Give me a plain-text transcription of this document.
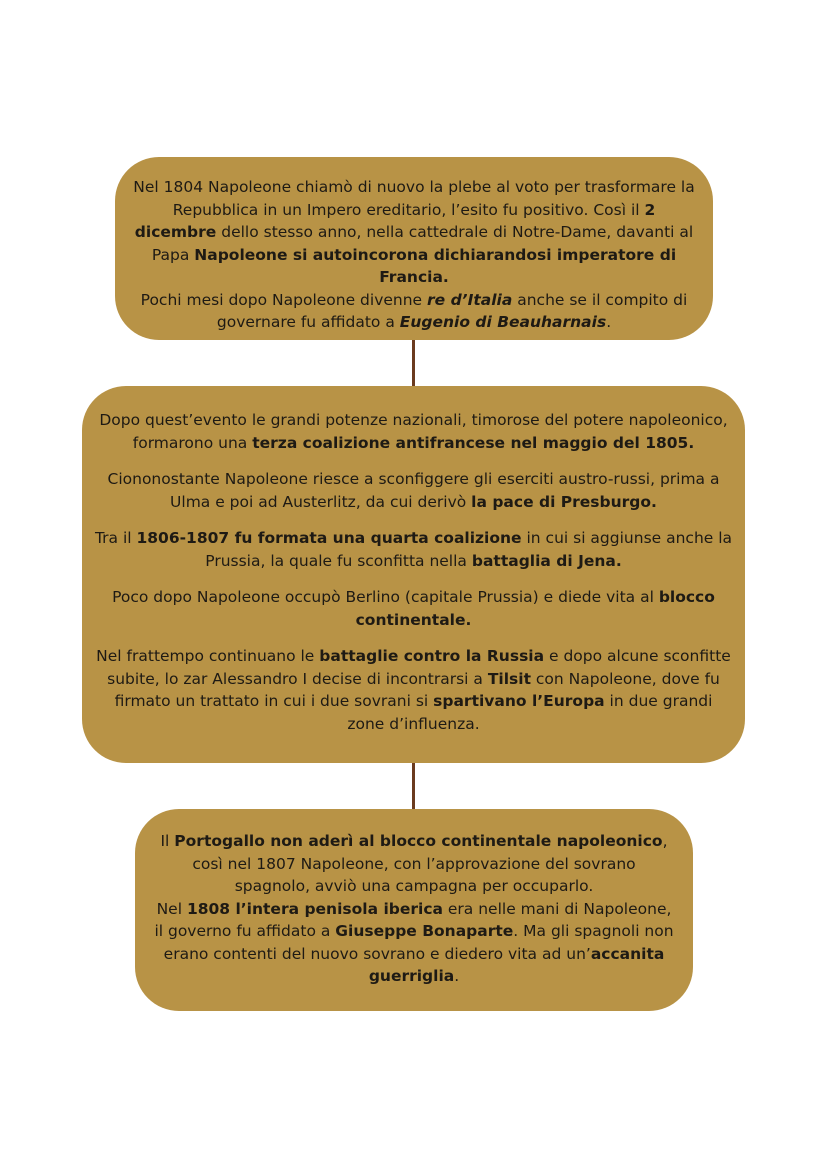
Nel 1804 Napoleone chiamò di nuovo la plebe al voto per trasformare la Repubblica in un Impero ereditario, l’esito fu positivo. Così il 2 dicembre dello stesso anno, nella cattedrale di Notre-Dame, davanti al Papa Napoleone si autoincorona dichiarandosi imperatore di Francia.

Pochi mesi dopo Napoleone divenne re d’Italia anche se il compito di governare fu affidato a Eugenio di Beauharnais.

Dopo quest’evento le grandi potenze nazionali, timorose del potere napoleonico, formarono una terza coalizione antifrancese nel maggio del 1805.

Ciononostante Napoleone riesce a sconfiggere gli eserciti austro-russi, prima a Ulma e poi ad Austerlitz, da cui derivò la pace di Presburgo.

Tra il 1806-1807 fu formata una quarta coalizione in cui si aggiunse anche la Prussia, la quale fu sconfitta nella battaglia di Jena.

Poco dopo Napoleone occupò Berlino (capitale Prussia) e diede vita al blocco continentale.

Nel frattempo continuano le battaglie contro la Russia e dopo alcune sconfitte subite, lo zar Alessandro I decise di incontrarsi a Tilsit con Napoleone, dove fu firmato un trattato in cui i due sovrani si spartivano l’Europa in due grandi zone d’influenza.

Il Portogallo non aderì al blocco continentale napoleonico, così nel 1807 Napoleone, con l’approvazione del sovrano spagnolo, avviò una campagna per occuparlo.

Nel 1808 l’intera penisola iberica era nelle mani di Napoleone, il governo fu affidato a Giuseppe Bonaparte. Ma gli spagnoli non erano contenti del nuovo sovrano e diedero vita ad un’accanita guerriglia.
